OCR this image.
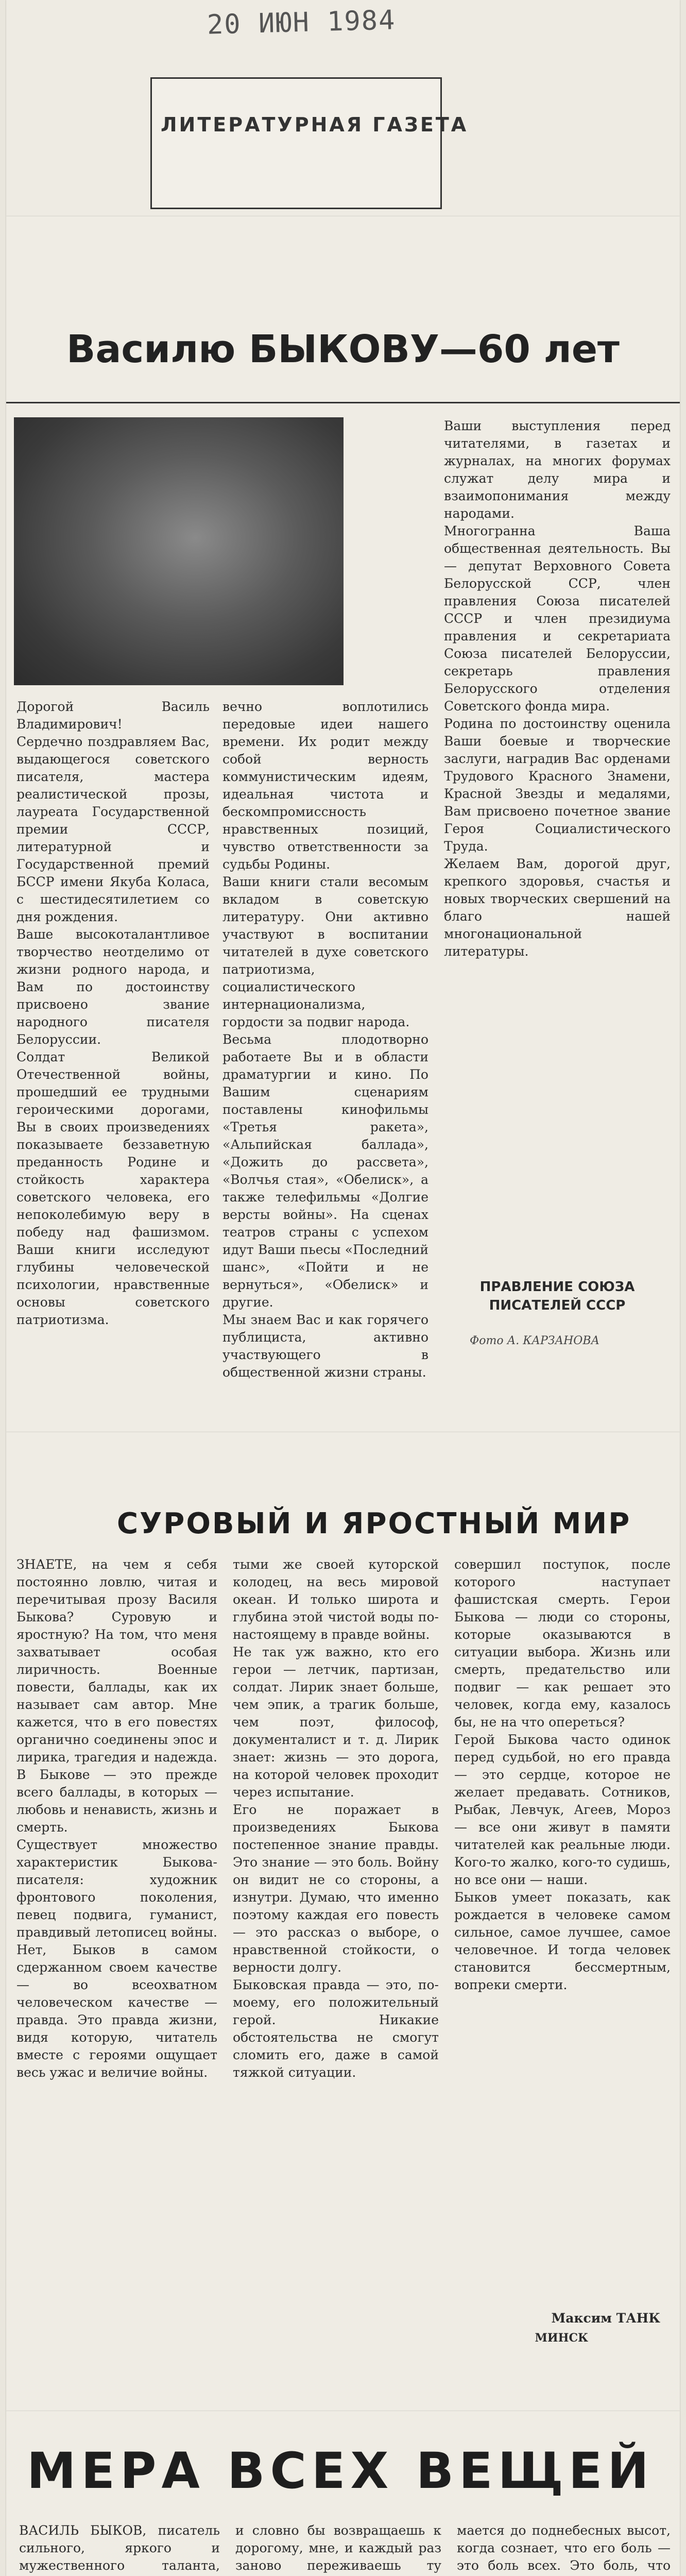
20 ИЮН 1984
ЛИТЕРАТУРНАЯ ГАЗЕТА
Василю БЫКОВУ—60 лет
Дорогой Василь Владимирович!
Сердечно поздравляем Вас, выдающегося советского писателя, мастера реалистической прозы, лауреата Государственной премии СССР, литературной и Государственной премий БССР имени Якуба Коласа, с шестидесятилетием со дня рождения.
Ваше высокоталантливое творчество неотделимо от жизни родного народа, и Вам по достоинству присвоено звание народного писателя Белоруссии.
Солдат Великой Отечественной войны, прошедший ее трудными героическими дорогами, Вы в своих произведениях показываете беззаветную преданность Родине и стойкость характера советского человека, его непоколебимую веру в победу над фашизмом. Ваши книги исследуют глубины человеческой психологии, нравственные основы советского патриотизма.
вечно воплотились передовые идеи нашего времени. Их родит между собой верность коммунистическим идеям, идеальная чистота и бескомпромиссность нравственных позиций, чувство ответственности за судьбы Родины.
Ваши книги стали весомым вкладом в советскую литературу. Они активно участвуют в воспитании читателей в духе советского патриотизма, социалистического интернационализма, гордости за подвиг народа.
Весьма плодотворно работаете Вы и в области драматургии и кино. По Вашим сценариям поставлены кинофильмы «Третья ракета», «Альпийская баллада», «Дожить до рассвета», «Волчья стая», «Обелиск», а также телефильмы «Долгие версты войны». На сценах театров страны с успехом идут Ваши пьесы «Последний шанс», «Пойти и не вернуться», «Обелиск» и другие.
Мы знаем Вас и как горячего публициста, активно участвующего в общественной жизни страны.
Ваши выступления перед читателями, в газетах и журналах, на многих форумах служат делу мира и взаимопонимания между народами.
Многогранна Ваша общественная деятельность. Вы — депутат Верховного Совета Белорусской ССР, член правления Союза писателей СССР и член президиума правления и секретариата Союза писателей Белоруссии, секретарь правления Белорусского отделения Советского фонда мира.
Родина по достоинству оценила Ваши боевые и творческие заслуги, наградив Вас орденами Трудового Красного Знамени, Красной Звезды и медалями, Вам присвоено почетное звание Героя Социалистического Труда.
Желаем Вам, дорогой друг, крепкого здоровья, счастья и новых творческих свершений на благо нашей многонациональной литературы.
ПРАВЛЕНИЕ СОЮЗА ПИСАТЕЛЕЙ СССР
Фото А. КАРЗАНОВА
СУРОВЫЙ И ЯРОСТНЫЙ МИР
ЗНАЕТЕ, на чем я себя постоянно ловлю, читая и перечитывая прозу Василя Быкова? Суровую и яростную? На том, что меня захватывает особая лиричность. Военные повести, баллады, как их называет сам автор. Мне кажется, что в его повестях органично соединены эпос и лирика, трагедия и надежда. В Быкове — это прежде всего баллады, в которых — любовь и ненависть, жизнь и смерть.
Существует множество характеристик Быкова-писателя: художник фронтового поколения, певец подвига, гуманист, правдивый летописец войны. Нет, Быков в самом сдержанном своем качестве — во всеохватном человеческом качестве — правда. Это правда жизни, видя которую, читатель вместе с героями ощущает весь ужас и величие войны.
тыми же своей куторской колодец, на весь мировой океан. И только широта и глубина этой чистой воды по-настоящему в правде войны.
Не так уж важно, кто его герои — летчик, партизан, солдат. Лирик знает больше, чем эпик, а трагик больше, чем поэт, философ, документалист и т. д. Лирик знает: жизнь — это дорога, на которой человек проходит через испытание.
Его не поражает в произведениях Быкова постепенное знание правды. Это знание — это боль. Войну он видит не со стороны, а изнутри. Думаю, что именно поэтому каждая его повесть — это рассказ о выборе, о нравственной стойкости, о верности долгу.
Быковская правда — это, по-моему, его положительный герой. Никакие обстоятельства не смогут сломить его, даже в самой тяжкой ситуации.
совершил поступок, после которого наступает фашистская смерть. Герои Быкова — люди со стороны, которые оказываются в ситуации выбора. Жизнь или смерть, предательство или подвиг — как решает это человек, когда ему, казалось бы, не на что опереться?
Герой Быкова часто одинок перед судьбой, но его правда — это сердце, которое не желает предавать. Сотников, Рыбак, Левчук, Агеев, Мороз — все они живут в памяти читателей как реальные люди. Кого-то жалко, кого-то судишь, но все они — наши.
Быков умеет показать, как рождается в человеке самом сильное, самое лучшее, самое человечное. И тогда человек становится бессмертным, вопреки смерти.
Максим ТАНК
МИНСК
МЕРА ВСЕХ ВЕЩЕЙ
ВАСИЛЬ БЫКОВ, писатель сильного, яркого и мужественного таланта,

и словно бы возвращаешь к дорогому, мне, и каждый раз заново переживаешь ту

мается до поднебесных высот, когда сознает, что его боль — это боль всех. Это боль, что
